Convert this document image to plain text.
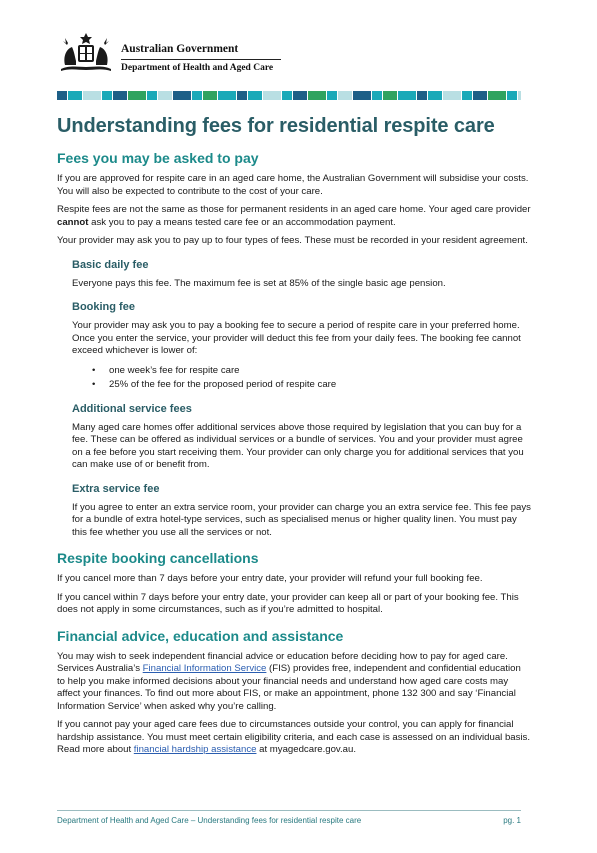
Australian Government
Department of Health and Aged Care
Understanding fees for residential respite care
Fees you may be asked to pay

If you are approved for respite care in an aged care home, the Australian Government will subsidise your costs. You will also be expected to contribute to the cost of your care.

Respite fees are not the same as those for permanent residents in an aged care home. Your aged care provider cannot ask you to pay a means tested care fee or an accommodation payment.

Your provider may ask you to pay up to four types of fees. These must be recorded in your resident agreement.

Basic daily fee

Everyone pays this fee. The maximum fee is set at 85% of the single basic age pension.

Booking fee

Your provider may ask you to pay a booking fee to secure a period of respite care in your preferred home. Once you enter the service, your provider will deduct this fee from your daily fees. The booking fee cannot exceed whichever is lower of:

• one week’s fee for respite care
• 25% of the fee for the proposed period of respite care
Additional service fees

Many aged care homes offer additional services above those required by legislation that you can buy for a fee. These can be offered as individual services or a bundle of services. You and your provider must agree on a fee before you start receiving them. Your provider can only charge you for additional services that you can make use of or benefit from.

Extra service fee

If you agree to enter an extra service room, your provider can charge you an extra service fee. This fee pays for a bundle of extra hotel-type services, such as specialised menus or higher quality linen. You must pay this fee whether you use all the services or not.

Respite booking cancellations

If you cancel more than 7 days before your entry date, your provider will refund your full booking fee.

If you cancel within 7 days before your entry date, your provider can keep all or part of your booking fee. This does not apply in some circumstances, such as if you’re admitted to hospital.

Financial advice, education and assistance

You may wish to seek independent financial advice or education before deciding how to pay for aged care. Services Australia’s Financial Information Service (FIS) provides free, independent and confidential education to help you make informed decisions about your financial needs and understand how aged care costs may affect your finances. To find out more about FIS, or make an appointment, phone 132 300 and say ‘Financial Information Service’ when asked why you’re calling.

If you cannot pay your aged care fees due to circumstances outside your control, you can apply for financial hardship assistance. You must meet certain eligibility criteria, and each case is assessed on an individual basis. Read more about financial hardship assistance at myagedcare.gov.au.

Department of Health and Aged Care – Understanding fees for residential respite care	pg. 1
